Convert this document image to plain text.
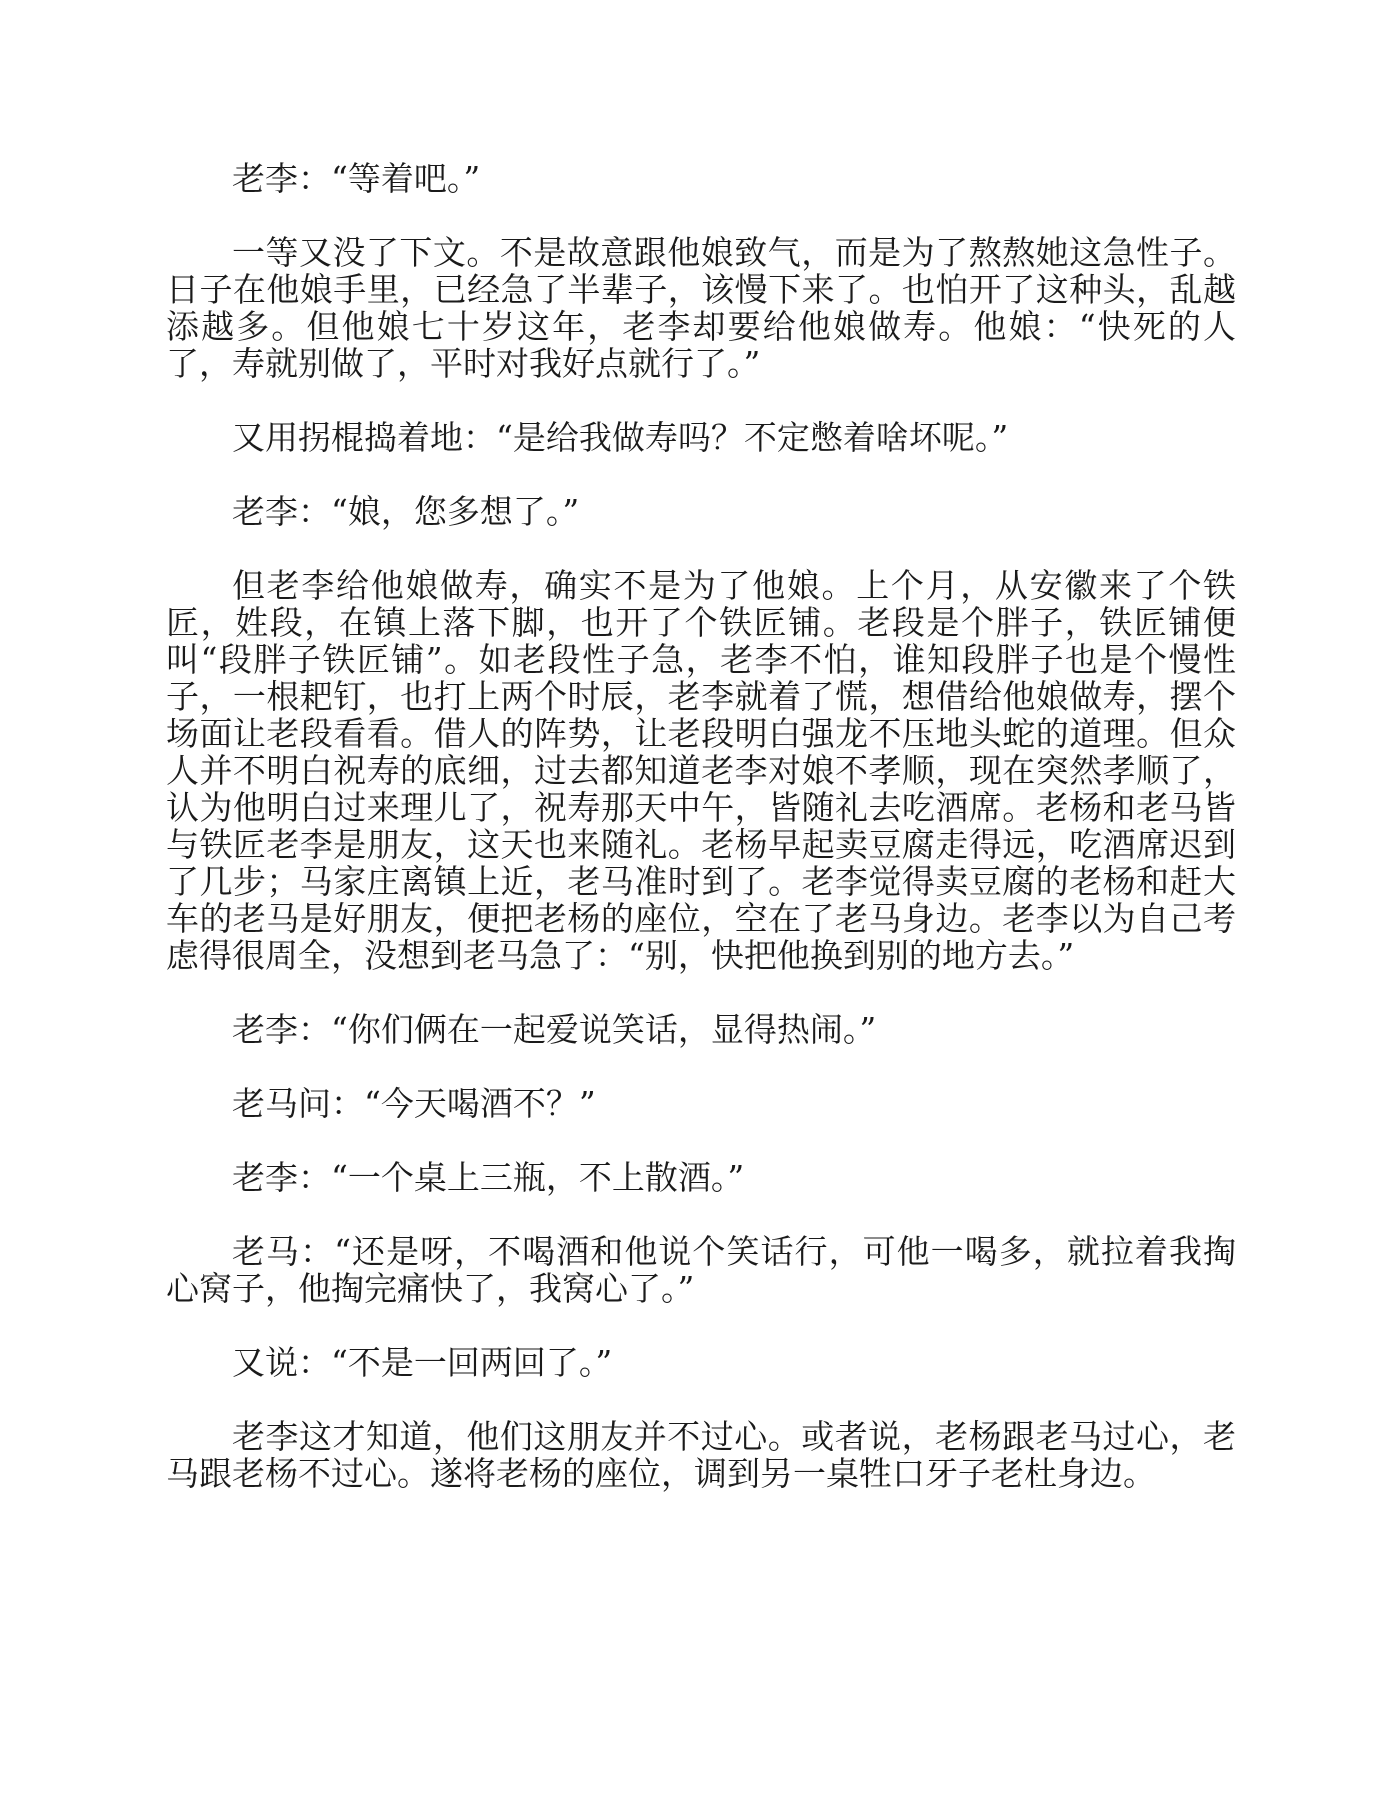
老李：“等着吧。”

一等又没了下文。不是故意跟他娘致气，而是为了熬熬她这急性子。日子在他娘手里，已经急了半辈子，该慢下来了。也怕开了这种头，乱越添越多。但他娘七十岁这年，老李却要给他娘做寿。他娘：“快死的人了，寿就别做了，平时对我好点就行了。”

又用拐棍捣着地：“是给我做寿吗？不定憋着啥坏呢。”

老李：“娘，您多想了。”

但老李给他娘做寿，确实不是为了他娘。上个月，从安徽来了个铁匠，姓段，在镇上落下脚，也开了个铁匠铺。老段是个胖子，铁匠铺便叫“段胖子铁匠铺”。如老段性子急，老李不怕，谁知段胖子也是个慢性子，一根耙钉，也打上两个时辰，老李就着了慌，想借给他娘做寿，摆个场面让老段看看。借人的阵势，让老段明白强龙不压地头蛇的道理。但众人并不明白祝寿的底细，过去都知道老李对娘不孝顺，现在突然孝顺了，认为他明白过来理儿了，祝寿那天中午，皆随礼去吃酒席。老杨和老马皆与铁匠老李是朋友，这天也来随礼。老杨早起卖豆腐走得远，吃酒席迟到了几步；马家庄离镇上近，老马准时到了。老李觉得卖豆腐的老杨和赶大车的老马是好朋友，便把老杨的座位，空在了老马身边。老李以为自己考虑得很周全，没想到老马急了：“别，快把他换到别的地方去。”

老李：“你们俩在一起爱说笑话，显得热闹。”

老马问：“今天喝酒不？”

老李：“一个桌上三瓶，不上散酒。”

老马：“还是呀，不喝酒和他说个笑话行，可他一喝多，就拉着我掏心窝子，他掏完痛快了，我窝心了。”

又说：“不是一回两回了。”

老李这才知道，他们这朋友并不过心。或者说，老杨跟老马过心，老马跟老杨不过心。遂将老杨的座位，调到另一桌牲口牙子老杜身边。
